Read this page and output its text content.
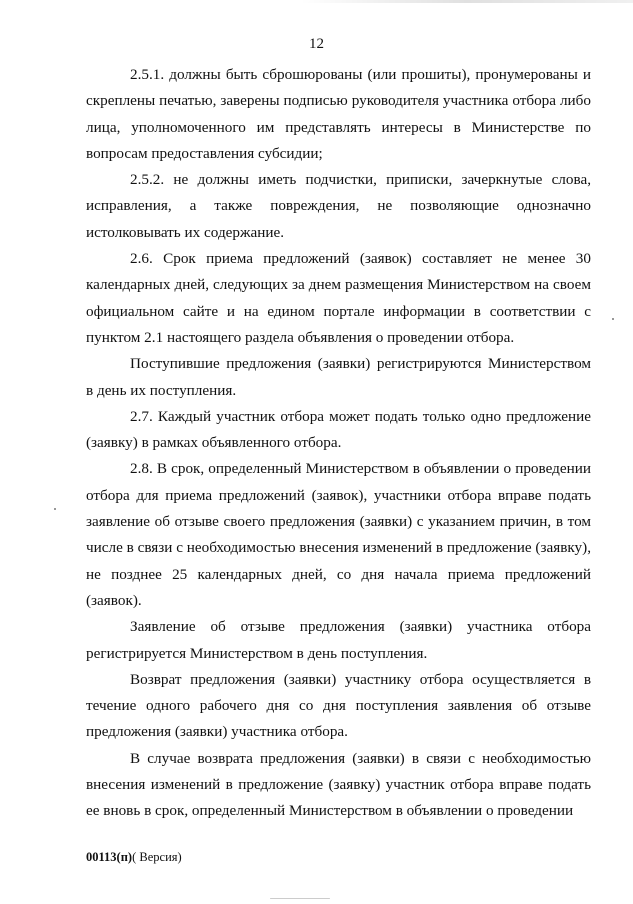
12

2.5.1. должны быть сброшюрованы (или прошиты), пронумерованы и скреплены печатью, заверены подписью руководителя участника отбора либо лица, уполномоченного им представлять интересы в Министерстве по вопросам предоставления субсидии;

2.5.2. не должны иметь подчистки, приписки, зачеркнутые слова, исправления, а также повреждения, не позволяющие однозначно истолковывать их содержание.

2.6. Срок приема предложений (заявок) составляет не менее 30 календарных дней, следующих за днем размещения Министерством на своем официальном сайте и на едином портале информации в соответствии с пунктом 2.1 настоящего раздела объявления о проведении отбора.

Поступившие предложения (заявки) регистрируются Министерством в день их поступления.

2.7. Каждый участник отбора может подать только одно предложение (заявку) в рамках объявленного отбора.

2.8. В срок, определенный Министерством в объявлении о проведении отбора для приема предложений (заявок), участники отбора вправе подать заявление об отзыве своего предложения (заявки) с указанием причин, в том числе в связи с необходимостью внесения изменений в предложение (заявку), не позднее 25 календарных дней, со дня начала приема предложений (заявок).

Заявление об отзыве предложения (заявки) участника отбора регистрируется Министерством в день поступления.

Возврат предложения (заявки) участнику отбора осуществляется в течение одного рабочего дня со дня поступления заявления об отзыве предложения (заявки) участника отбора.

В случае возврата предложения (заявки) в связи с необходимостью внесения изменений в предложение (заявку) участник отбора вправе подать ее вновь в срок, определенный Министерством в объявлении о проведении

00113(п)( Версия)
